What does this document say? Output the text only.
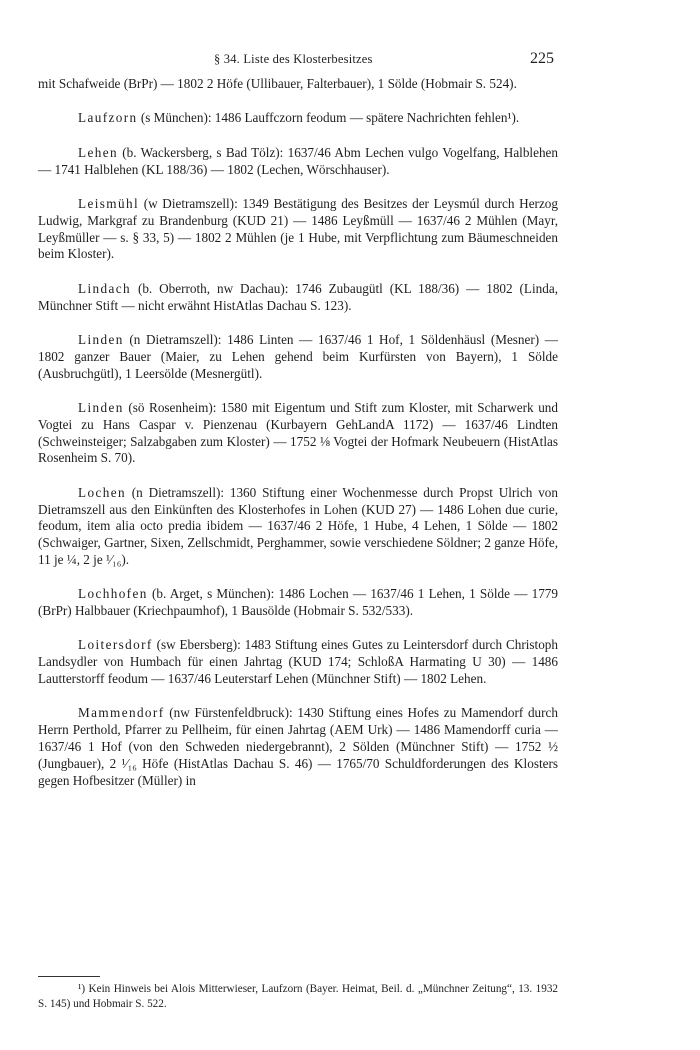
§ 34. Liste des Klosterbesitzes	225

mit Schafweide (BrPr) — 1802 2 Höfe (Ullibauer, Falterbauer), 1 Sölde (Hobmair S. 524).

Laufzorn (s München): 1486 Lauffczorn feodum — spätere Nachrichten fehlen¹).

Lehen (b. Wackersberg, s Bad Tölz): 1637/46 Abm Lechen vulgo Vogelfang, Halblehen — 1741 Halblehen (KL 188/36) — 1802 (Lechen, Wörschhauser).

Leismühl (w Dietramszell): 1349 Bestätigung des Besitzes der Leysmúl durch Herzog Ludwig, Markgraf zu Brandenburg (KUD 21) — 1486 Leyßmüll — 1637/46 2 Mühlen (Mayr, Leyßmüller — s. § 33, 5) — 1802 2 Mühlen (je 1 Hube, mit Verpflichtung zum Bäumeschneiden beim Kloster).

Lindach (b. Oberroth, nw Dachau): 1746 Zubaugütl (KL 188/36) — 1802 (Linda, Münchner Stift — nicht erwähnt HistAtlas Dachau S. 123).

Linden (n Dietramszell): 1486 Linten — 1637/46 1 Hof, 1 Söldenhäusl (Mesner) — 1802 ganzer Bauer (Maier, zu Lehen gehend beim Kurfürsten von Bayern), 1 Sölde (Ausbruchgütl), 1 Leersölde (Mesnergütl).

Linden (sö Rosenheim): 1580 mit Eigentum und Stift zum Kloster, mit Scharwerk und Vogtei zu Hans Caspar v. Pienzenau (Kurbayern GehLandA 1172) — 1637/46 Lindten (Schweinsteiger; Salzabgaben zum Kloster) — 1752 ⅛ Vogtei der Hofmark Neubeuern (HistAtlas Rosenheim S. 70).

Lochen (n Dietramszell): 1360 Stiftung einer Wochenmesse durch Propst Ulrich von Dietramszell aus den Einkünften des Klosterhofes in Lohen (KUD 27) — 1486 Lohen due curie, feodum, item alia octo predia ibidem — 1637/46 2 Höfe, 1 Hube, 4 Lehen, 1 Sölde — 1802 (Schwaiger, Gartner, Sixen, Zellschmidt, Perghammer, sowie verschiedene Söldner; 2 ganze Höfe, 11 je ¼, 2 je ¹⁄₁₆).

Lochhofen (b. Arget, s München): 1486 Lochen — 1637/46 1 Lehen, 1 Sölde — 1779 (BrPr) Halbbauer (Kriechpaumhof), 1 Bausölde (Hobmair S. 532/533).

Loitersdorf (sw Ebersberg): 1483 Stiftung eines Gutes zu Leintersdorf durch Christoph Landsydler von Humbach für einen Jahrtag (KUD 174; SchloßA Harmating U 30) — 1486 Lautterstorff feodum — 1637/46 Leuterstarf Lehen (Münchner Stift) — 1802 Lehen.

Mammendorf (nw Fürstenfeldbruck): 1430 Stiftung eines Hofes zu Mamendorf durch Herrn Perthold, Pfarrer zu Pellheim, für einen Jahrtag (AEM Urk) — 1486 Mamendorff curia — 1637/46 1 Hof (von den Schweden niedergebrannt), 2 Sölden (Münchner Stift) — 1752 ½ (Jungbauer), 2 ¹⁄₁₆ Höfe (HistAtlas Dachau S. 46) — 1765/70 Schuldforderungen des Klosters gegen Hofbesitzer (Müller) in

¹) Kein Hinweis bei Alois Mitterwieser, Laufzorn (Bayer. Heimat, Beil. d. „Münchner Zeitung“, 13. 1932 S. 145) und Hobmair S. 522.
